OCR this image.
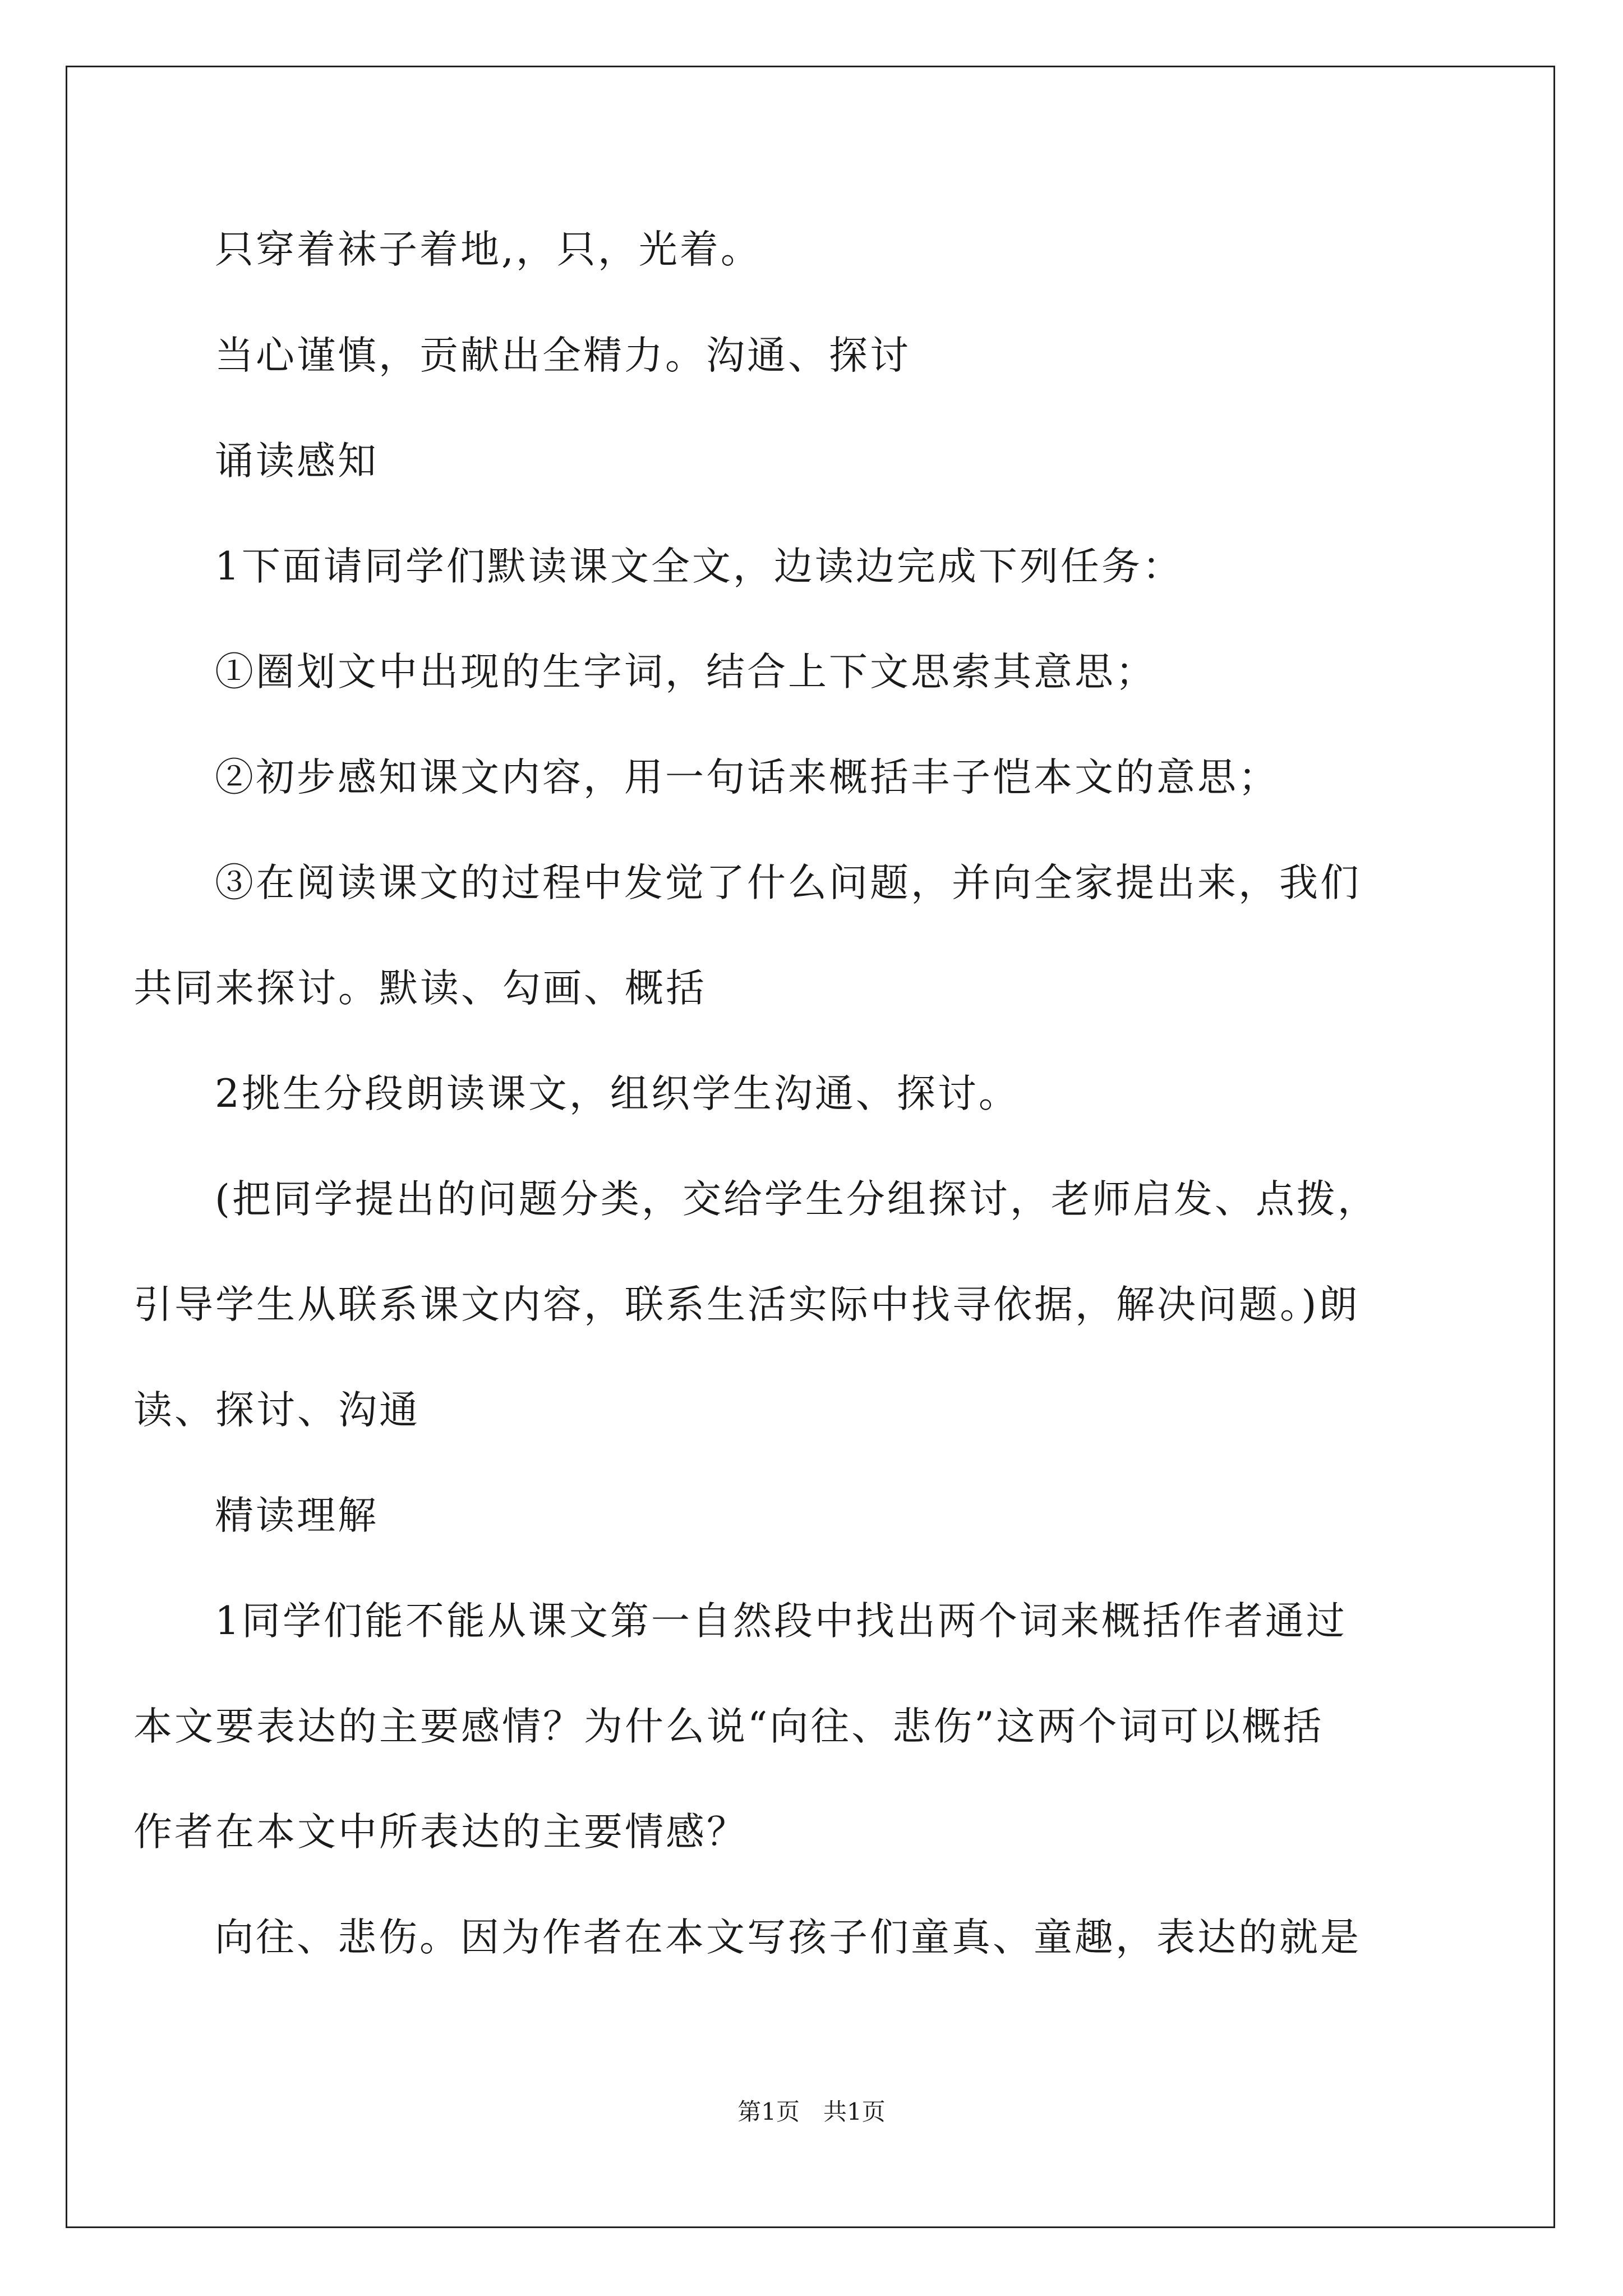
只穿着袜子着地,，只，光着。
当心谨慎，贡献出全精力。沟通、探讨
诵读感知
1下面请同学们默读课文全文，边读边完成下列任务：
①圈划文中出现的生字词，结合上下文思索其意思；
②初步感知课文内容，用一句话来概括丰子恺本文的意思；
③在阅读课文的过程中发觉了什么问题，并向全家提出来，我们
共同来探讨。默读、勾画、概括
2挑生分段朗读课文，组织学生沟通、探讨。
(把同学提出的问题分类，交给学生分组探讨，老师启发、点拨，
引导学生从联系课文内容，联系生活实际中找寻依据，解决问题。)朗
读、探讨、沟通
精读理解
1同学们能不能从课文第一自然段中找出两个词来概括作者通过
本文要表达的主要感情？为什么说“向往、悲伤”这两个词可以概括
作者在本文中所表达的主要情感？
向往、悲伤。因为作者在本文写孩子们童真、童趣，表达的就是
第1页　共1页
